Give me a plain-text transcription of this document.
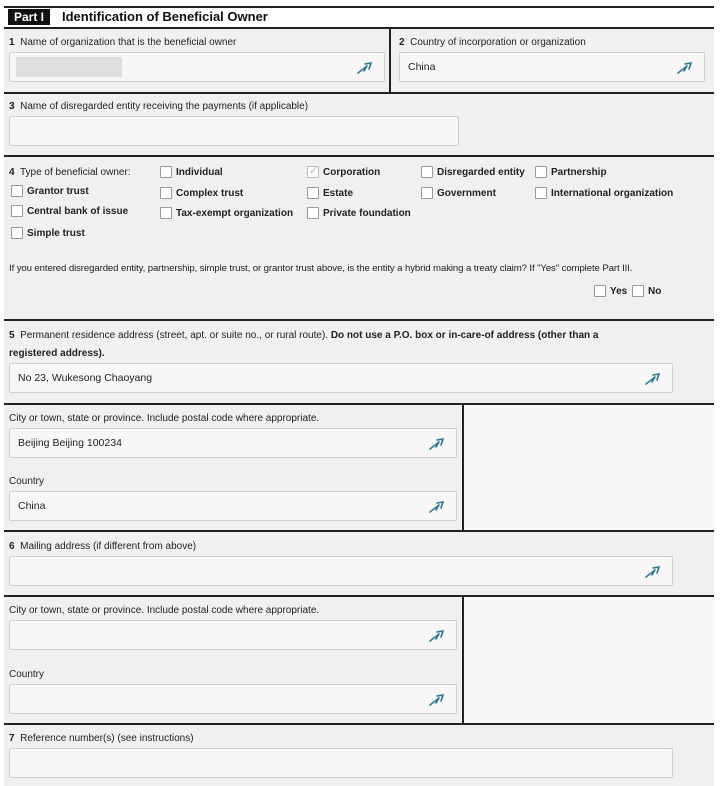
Part I	Identification of Beneficial Owner
1 Name of organization that is the beneficial owner	2 Country of incorporation or organization
China
3 Name of disregarded entity receiving the payments (if applicable)
4 Type of beneficial owner:	Individual
✓	Corporation	Disregarded entity	Partnership
Grantor trust	Complex trust	Estate	Government	International organization
Central bank of issue	Tax-exempt organization	Private foundation
Simple trust
If you entered disregarded entity, partnership, simple trust, or grantor trust above, is the entity a hybrid making a treaty claim? If "Yes" complete Part III.
Yes No
5 Permanent residence address (street, apt. or suite no., or rural route). Do not use a P.O. box or in-care-of address (other than a
registered address).
No 23, Wukesong Chaoyang
City or town, state or province. Include postal code where appropriate.
Beijing Beijing 100234
Country
China
6 Mailing address (if different from above)
City or town, state or province. Include postal code where appropriate.
Country
7 Reference number(s) (see instructions)
